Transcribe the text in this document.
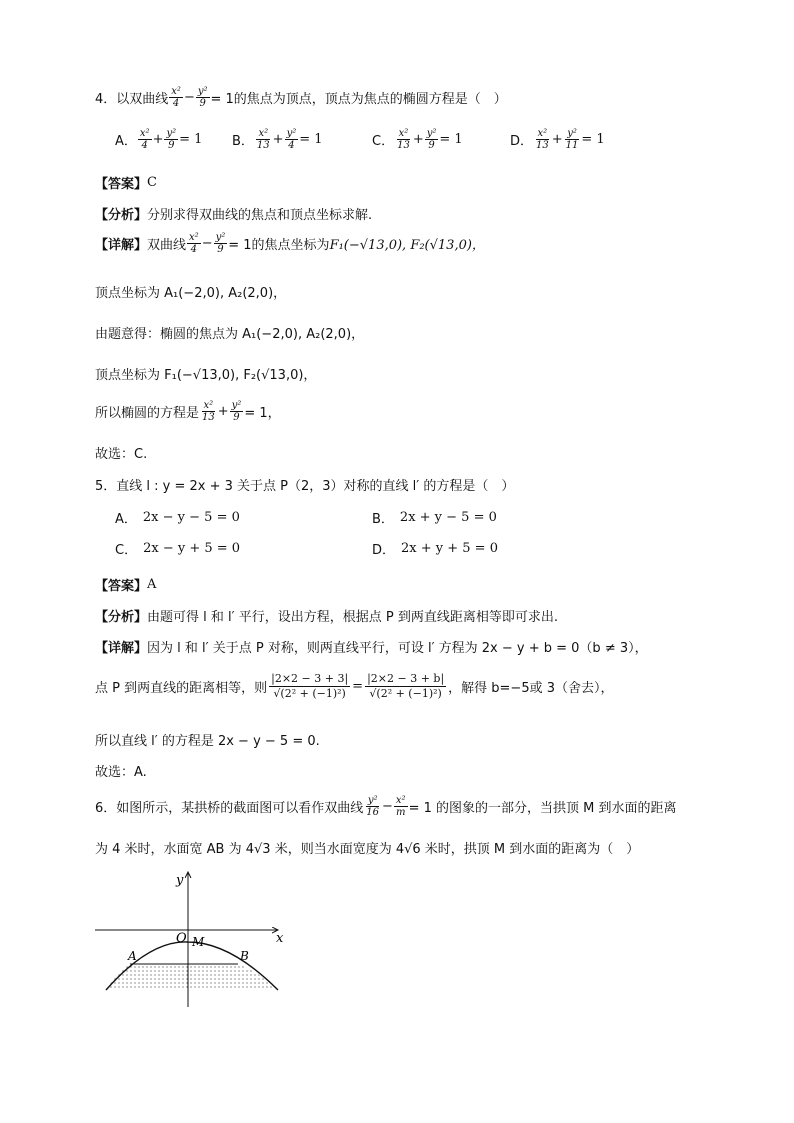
4．以双曲线 $\frac{\text{x²}}{4} - \frac{\text{y²}}{9} = 1$的焦点为顶点，顶点为焦点的椭圆方程是（　）
A． $\frac{\text{x²}}{4} + \frac{\text{y²}}{9} = 1$ B． $\frac{\text{x²}}{13} + \frac{\text{y²}}{4} = 1$	C． $\frac{\text{x²}}{13} + \frac{\text{y²}}{9} = 1$	D． $\frac{\text{x²}}{13} + \frac{\text{y²}}{11} = 1$
【答案】 C
【分析】 分别求得双曲线的焦点和顶点坐标求解.
【详解】 双曲线 $\frac{\text{x²}}{4} - \frac{\text{y²}}{9} = 1$的焦点坐标为 F₁(−√13,0), F₂(√13,0)，
顶点坐标为 A₁(−2,0), A₂(2,0)，
由题意得：椭圆的焦点为 A₁(−2,0), A₂(2,0)，
顶点坐标为 F₁(−√13,0), F₂(√13,0)，
所以椭圆的方程是 $\frac{\text{x²}}{13} + \frac{\text{y²}}{9} = 1$，
故选：C.
5．直线 l : y = 2x + 3 关于点 P（2，3）对称的直线 l′ 的方程是（　）
A． 2x − y − 5 = 0	B． 2x + y − 5 = 0
C． 2x − y + 5 = 0	D． 2x + y + 5 = 0
【答案】 A
【分析】 由题可得 l 和 l′ 平行，设出方程，根据点 P 到两直线距离相等即可求出.
【详解】 因为 l 和 l′ 关于点 P 对称，则两直线平行，可设 l′ 方程为 2x − y + b = 0（b ≠ 3），
点 P 到两直线的距离相等，则 $\frac{|2\times 2 - 3 + 3|}{\text{√(2² + (−1)²)}} = \frac{|2\times 2 - 3 + b|}{\text{√(2² + (−1)²)}}$ ，解得 b=−5或 3（舍去），
所以直线 l′ 的方程是 2x − y − 5 = 0.
故选：A.
6．如图所示，某拱桥的截面图可以看作双曲线 $\frac{\text{y²}}{16} - \frac{\text{x²}}{m} = 1$ 的图象的一部分，当拱顶 M 到水面的距离
为 4 米时，水面宽 AB 为 4√3 米，则当水面宽度为 4√6 米时，拱顶 M 到水面的距离为（　）
y
x
O M
A	B
